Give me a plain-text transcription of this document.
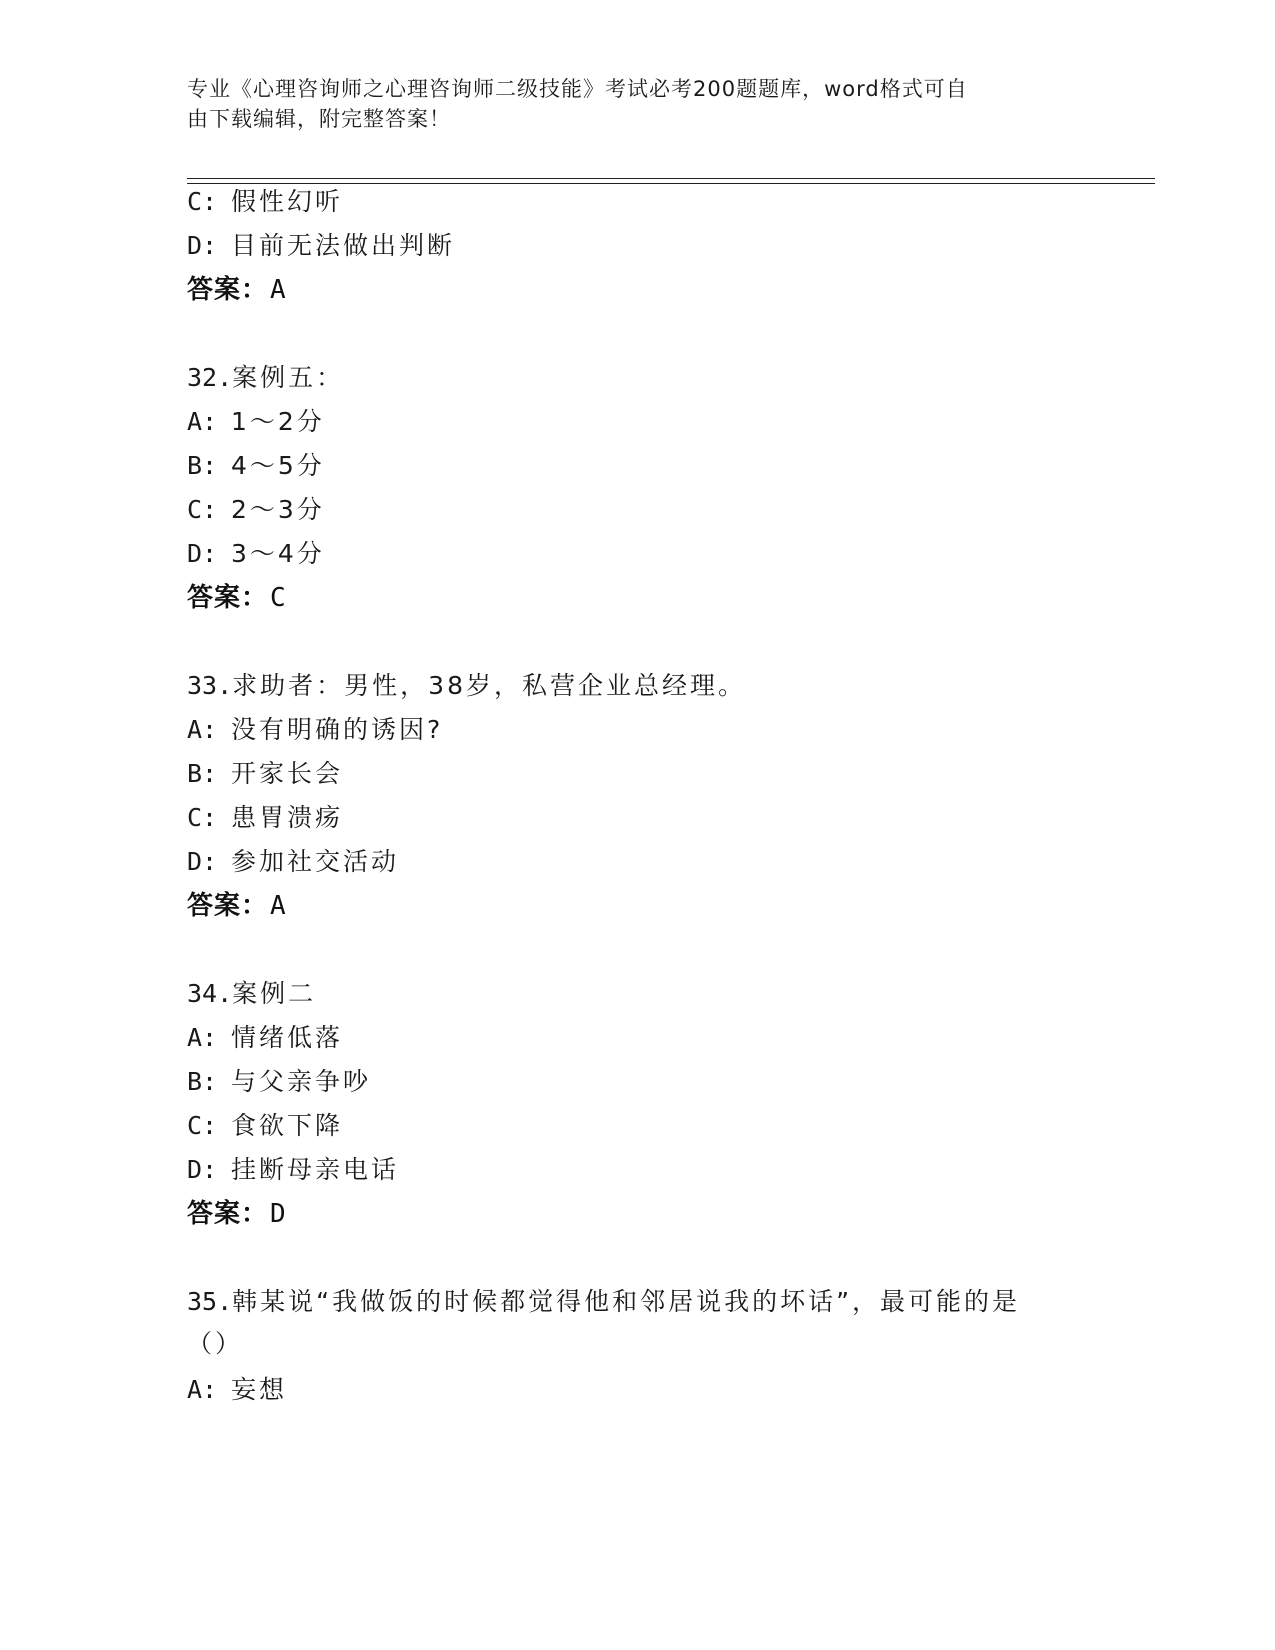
专业《心理咨询师之心理咨询师二级技能》考试必考200题题库，word格式可自
由下载编辑，附完整答案！
C: 假性幻听
D: 目前无法做出判断
答案：A
32.案例五：
A: 1～2分
B: 4～5分
C: 2～3分
D: 3～4分
答案：C
33.求助者：男性，38岁，私营企业总经理。
A: 没有明确的诱因?
B: 开家长会
C: 患胃溃疡
D: 参加社交活动
答案：A
34.案例二
A: 情绪低落
B: 与父亲争吵
C: 食欲下降
D: 挂断母亲电话
答案：D
35.韩某说“我做饭的时候都觉得他和邻居说我的坏话”，最可能的是
（）
A: 妄想
